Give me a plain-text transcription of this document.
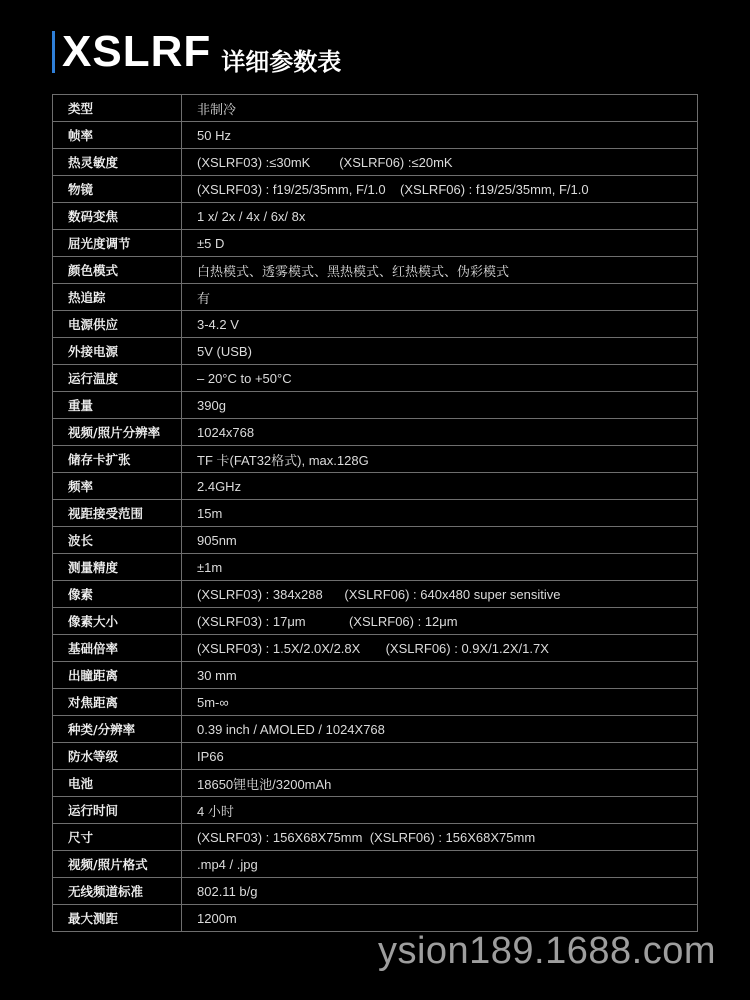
XSLRF 详细参数表
类型	非制冷
帧率	50 Hz
热灵敏度	(XSLRF03) :≤30mK        (XSLRF06) :≤20mK
物镜	(XSLRF03) : f19/25/35mm, F/1.0    (XSLRF06) : f19/25/35mm, F/1.0
数码变焦	1 x/ 2x / 4x / 6x/ 8x
屈光度调节	±5 D
颜色模式	白热模式、透雾模式、黑热模式、红热模式、伪彩模式
热追踪	有
电源供应	3-4.2 V
外接电源	5V (USB)
运行温度	– 20°C to +50°C
重量	390g
视频/照片分辨率	1024x768
储存卡扩张	TF 卡(FAT32格式), max.128G
频率	2.4GHz
视距接受范围	15m
波长	905nm
测量精度	±1m
像素	(XSLRF03) : 384x288      (XSLRF06) : 640x480 super sensitive
像素大小	(XSLRF03) : 17μm            (XSLRF06) : 12μm
基础倍率	(XSLRF03) : 1.5X/2.0X/2.8X       (XSLRF06) : 0.9X/1.2X/1.7X
出瞳距离	30 mm
对焦距离	5m-∞
种类/分辨率	0.39 inch / AMOLED / 1024X768
防水等级	IP66
电池	18650锂电池/3200mAh
运行时间	4 小时
尺寸	(XSLRF03) : 156X68X75mm  (XSLRF06) : 156X68X75mm
视频/照片格式	.mp4 / .jpg
无线频道标准	802.11 b/g
最大测距	1200m
ysion189.1688.com
